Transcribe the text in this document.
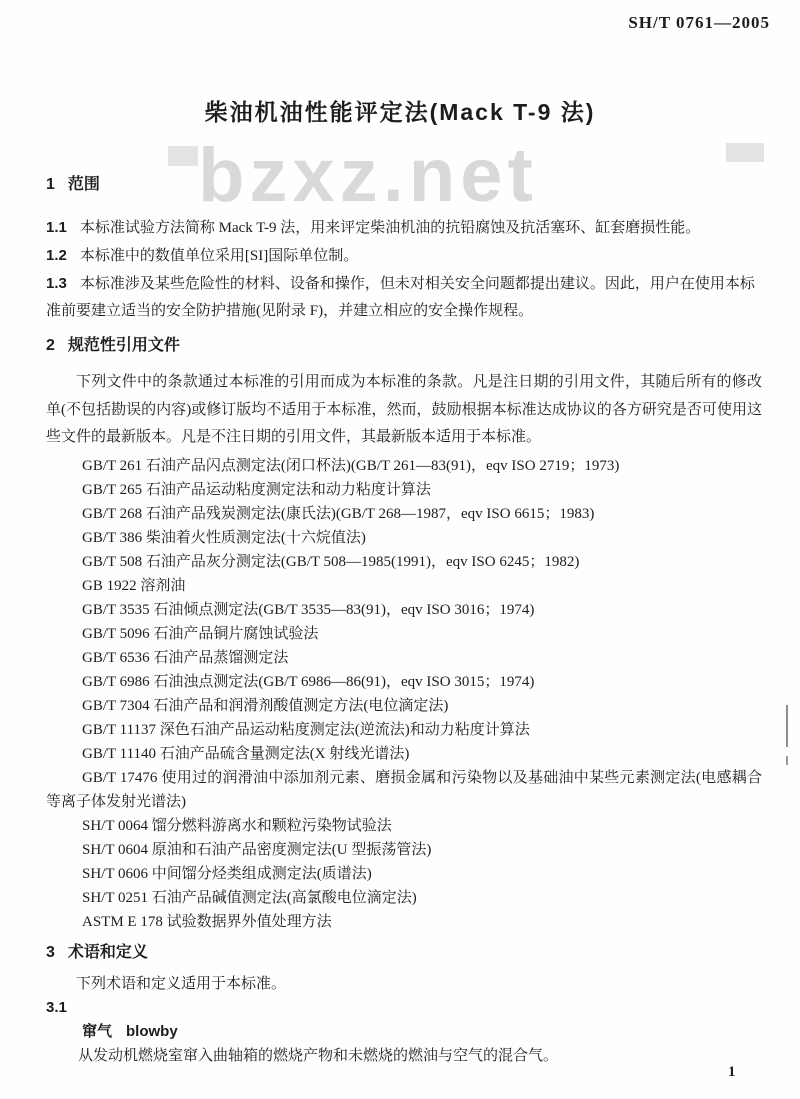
SH/T 0761—2005
柴油机油性能评定法(Mack T-9 法)
bzxz.net

1 范围

1.1 本标准试验方法简称 Mack T-9 法，用来评定柴油机油的抗铅腐蚀及抗活塞环、缸套磨损性能。

1.2 本标准中的数值单位采用[SI]国际单位制。

1.3 本标准涉及某些危险性的材料、设备和操作，但未对相关安全问题都提出建议。因此，用户在使用本标准前要建立适当的安全防护措施(见附录 F)，并建立相应的安全操作规程。

2 规范性引用文件

下列文件中的条款通过本标准的引用而成为本标准的条款。凡是注日期的引用文件，其随后所有的修改单(不包括勘误的内容)或修订版均不适用于本标准，然而，鼓励根据本标准达成协议的各方研究是否可使用这些文件的最新版本。凡是不注日期的引用文件，其最新版本适用于本标准。

GB/T 261 石油产品闪点测定法(闭口杯法)(GB/T 261—83(91)，eqv ISO 2719；1973)
GB/T 265 石油产品运动粘度测定法和动力粘度计算法
GB/T 268 石油产品残炭测定法(康氏法)(GB/T 268—1987，eqv ISO 6615；1983)
GB/T 386 柴油着火性质测定法(十六烷值法)
GB/T 508 石油产品灰分测定法(GB/T 508—1985(1991)，eqv ISO 6245；1982)
GB 1922 溶剂油
GB/T 3535 石油倾点测定法(GB/T 3535—83(91)，eqv ISO 3016；1974)
GB/T 5096 石油产品铜片腐蚀试验法
GB/T 6536 石油产品蒸馏测定法
GB/T 6986 石油浊点测定法(GB/T 6986—86(91)，eqv ISO 3015；1974)
GB/T 7304 石油产品和润滑剂酸值测定方法(电位滴定法)
GB/T 11137 深色石油产品运动粘度测定法(逆流法)和动力粘度计算法
GB/T 11140 石油产品硫含量测定法(X 射线光谱法)
GB/T 17476 使用过的润滑油中添加剂元素、磨损金属和污染物以及基础油中某些元素测定法(电感耦合等离子体发射光谱法)
SH/T 0064 馏分燃料游离水和颗粒污染物试验法
SH/T 0604 原油和石油产品密度测定法(U 型振荡管法)
SH/T 0606 中间馏分烃类组成测定法(质谱法)
SH/T 0251 石油产品碱值测定法(高氯酸电位滴定法)
ASTM E 178 试验数据界外值处理方法

3 术语和定义

下列术语和定义适用于本标准。

3.1

窜气 blowby

从发动机燃烧室窜入曲轴箱的燃烧产物和未燃烧的燃油与空气的混合气。

1
